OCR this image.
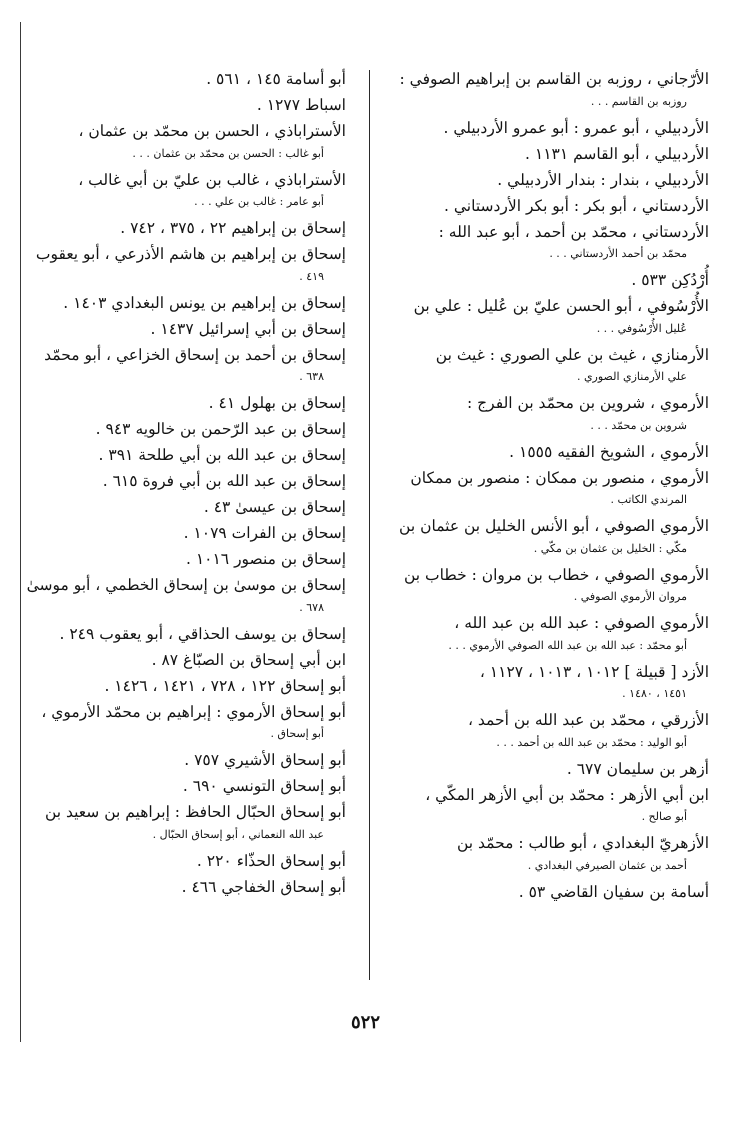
الأرّجاني ، روزبه بن القاسم بن إبراهيم الصوفي :
روزبه بن القاسم . . .
الأردبيلي ، أبو عمرو : أبو عمرو الأردبيلي .
الأردبيلي ، أبو القاسم ١١٣١ .
الأردبيلي ، بندار : بندار الأردبيلي .
الأردستاني ، أبو بكر : أبو بكر الأردستاني .
الأردستاني ، محمّد بن أحمد ، أبو عبد الله :
محمّد بن أحمد الأردستاني . . .
أُرْدُكِن ٥٣٣ .
الأُرْسُوفي ، أبو الحسن عليّ بن عُليل : علي بن
عُليل الأُرْسُوفي . . .
الأرمنازي ، غيث بن علي الصوري : غيث بن
علي الأرمنازي الصوري .
الأرموي ، شروين بن محمّد بن الفرج :
شروين بن محمّد . . .
الأرموي ، الشويخ الفقيه ١٥٥٥ .
الأرموي ، منصور بن ممكان : منصور بن ممكان
المرندي الكاتب .
الأرموي الصوفي ، أبو الأنس الخليل بن عثمان بن
مكّي : الخليل بن عثمان بن مكّي .
الأرموي الصوفي ، خطاب بن مروان : خطاب بن
مروان الأرموي الصوفي .
الأرموي الصوفي : عبد الله بن عبد الله ،
أبو محمّد : عبد الله بن عبد الله الصوفي الأرموي . . .
الأزد [ قبيلة ] ١٠١٢ ، ١٠١٣ ، ١١٢٧ ،
١٤٥١ ، ١٤٨٠ .
الأزرقي ، محمّد بن عبد الله بن أحمد ،
أبو الوليد : محمّد بن عبد الله بن أحمد . . .
أزهر بن سليمان ٦٧٧ .
ابن أبي الأزهر : محمّد بن أبي الأزهر المكّي ،
أبو صالح .
الأزهريّ البغدادي ، أبو طالب : محمّد بن
أحمد بن عثمان الصيرفي البغدادي .
أسامة بن سفيان القاضي ٥٣ .
أبو أسامة ١٤٥ ، ٥٦١ .
اسباط ١٢٧٧ .
الأستراباذي ، الحسن بن محمّد بن عثمان ،
أبو غالب : الحسن بن محمّد بن عثمان . . .
الأستراباذي ، غالب بن عليّ بن أبي غالب ،
أبو عامر : غالب بن علي . . .
إسحاق بن إبراهيم ٢٢ ، ٣٧٥ ، ٧٤٢ .
إسحاق بن إبراهيم بن هاشم الأذرعي ، أبو يعقوب
٤١٩ .
إسحاق بن إبراهيم بن يونس البغدادي ١٤٠٣ .
إسحاق بن أبي إسرائيل ١٤٣٧ .
إسحاق بن أحمد بن إسحاق الخزاعي ، أبو محمّد
٦٣٨ .
إسحاق بن بهلول ٤١ .
إسحاق بن عبد الرّحمن بن خالويه ٩٤٣ .
إسحاق بن عبد الله بن أبي طلحة ٣٩١ .
إسحاق بن عبد الله بن أبي فروة ٦١٥ .
إسحاق بن عيسىٰ ٤٣ .
إسحاق بن الفرات ١٠٧٩ .
إسحاق بن منصور ١٠١٦ .
إسحاق بن موسىٰ بن إسحاق الخطمي ، أبو موسىٰ
٦٧٨ .
إسحاق بن يوسف الحذاقي ، أبو يعقوب ٢٤٩ .
ابن أبي إسحاق بن الصبّاغ ٨٧ .
أبو إسحاق ١٢٢ ، ٧٢٨ ، ١٤٢١ ، ١٤٢٦ .
أبو إسحاق الأرموي : إبراهيم بن محمّد الأرموي ،
أبو إسحاق .
أبو إسحاق الأشيري ٧٥٧ .
أبو إسحاق التونسي ٦٩٠ .
أبو إسحاق الحبّال الحافظ : إبراهيم بن سعيد بن
عبد الله النعماني ، أبو إسحاق الحبّال .
أبو إسحاق الحذّاء ٢٢٠ .
أبو إسحاق الخفاجي ٤٦٦ .
٥٢٢
